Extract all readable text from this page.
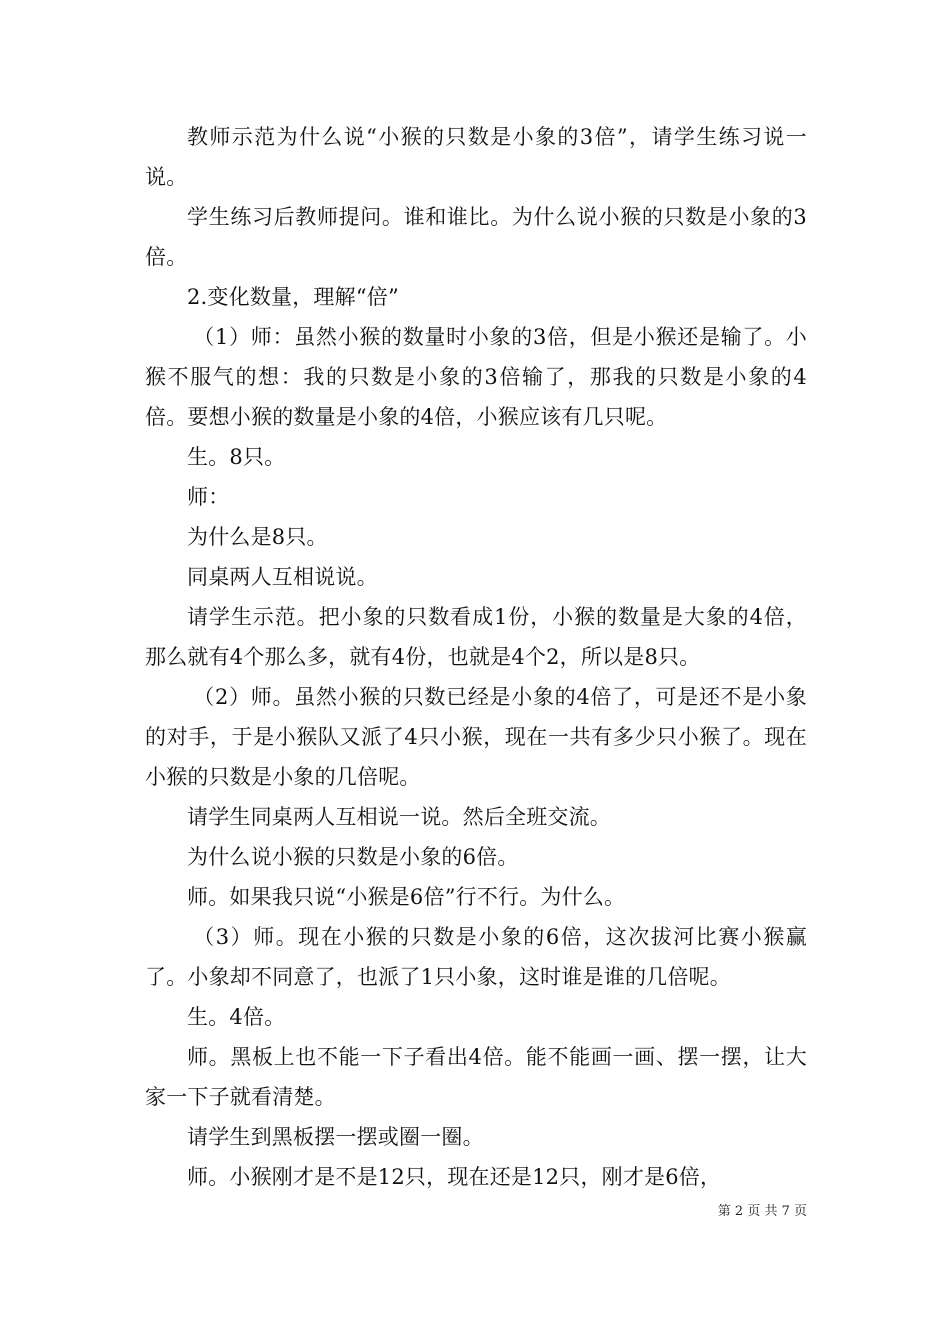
教师示范为什么说“小猴的只数是小象的3倍”，请学生练习说一说。

学生练习后教师提问。谁和谁比。为什么说小猴的只数是小象的3倍。

2.变化数量，理解“倍”

（1）师：虽然小猴的数量时小象的3倍，但是小猴还是输了。小猴不服气的想：我的只数是小象的3倍输了，那我的只数是小象的4倍。要想小猴的数量是小象的4倍，小猴应该有几只呢。

生。8只。

师：

为什么是8只。

同桌两人互相说说。

请学生示范。把小象的只数看成1份，小猴的数量是大象的4倍，那么就有4个那么多，就有4份，也就是4个2，所以是8只。

（2）师。虽然小猴的只数已经是小象的4倍了，可是还不是小象的对手，于是小猴队又派了4只小猴，现在一共有多少只小猴了。现在小猴的只数是小象的几倍呢。

请学生同桌两人互相说一说。然后全班交流。

为什么说小猴的只数是小象的6倍。

师。如果我只说“小猴是6倍”行不行。为什么。

（3）师。现在小猴的只数是小象的6倍，这次拔河比赛小猴赢了。小象却不同意了，也派了1只小象，这时谁是谁的几倍呢。

生。4倍。

师。黑板上也不能一下子看出4倍。能不能画一画、摆一摆，让大家一下子就看清楚。

请学生到黑板摆一摆或圈一圈。

师。小猴刚才是不是12只，现在还是12只，刚才是6倍，

第 2 页 共 7 页
